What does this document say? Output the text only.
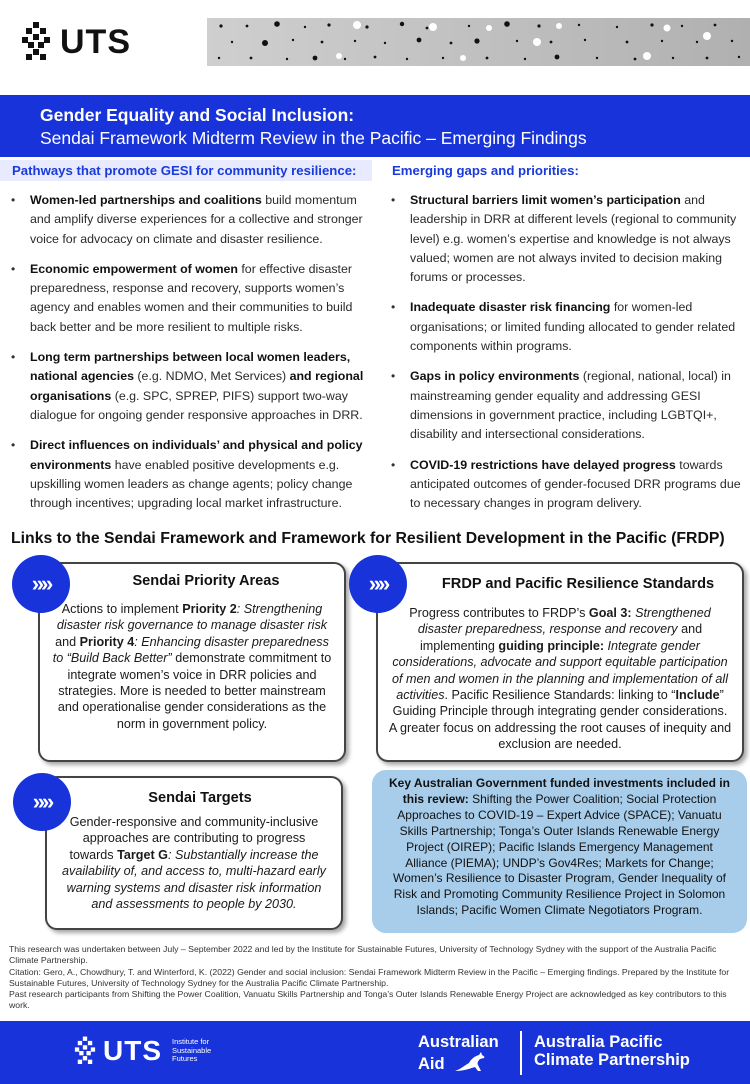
UTS
Gender Equality and Social Inclusion:
Sendai Framework Midterm Review in the Pacific – Emerging Findings
Pathways that promote GESI for community resilience:
• Women-led partnerships and coalitions build momentum and amplify diverse experiences for a collective and stronger voice for advocacy on climate and disaster resilience.
• Economic empowerment of women for effective disaster preparedness, response and recovery, supports women’s agency and enables women and their communities to build back better and be more resilient to multiple risks.
• Long term partnerships between local women leaders, national agencies (e.g. NDMO, Met Services) and regional organisations (e.g. SPC, SPREP, PIFS) support two-way dialogue for ongoing gender responsive approaches in DRR.
• Direct influences on individuals’ and physical and policy environments have enabled positive developments e.g. upskilling women leaders as change agents; policy change through incentives; upgrading local market infrastructure.
Emerging gaps and priorities:
• Structural barriers limit women’s participation and leadership in DRR at different levels (regional to community level) e.g. women’s expertise and knowledge is not always valued; women are not always invited to decision making forums or processes.
• Inadequate disaster risk financing for women-led organisations; or limited funding allocated to gender related components within programs.
• Gaps in policy environments (regional, national, local) in mainstreaming gender equality and addressing GESI dimensions in government practice, including LGBTQI+, disability and intersectional considerations.
• COVID-19 restrictions have delayed progress towards anticipated outcomes of gender-focused DRR programs due to necessary changes in program delivery.
Links to the Sendai Framework and Framework for Resilient Development in the Pacific (FRDP)
Sendai Priority Areas
Actions to implement Priority 2: Strengthening disaster risk governance to manage disaster risk and Priority 4: Enhancing disaster preparedness to “Build Back Better” demonstrate commitment to integrate women’s voice in DRR policies and strategies. More is needed to better mainstream and operationalise gender considerations as the norm in government policy.
»»	FRDP and Pacific Resilience Standards
Progress contributes to FRDP’s Goal 3: Strengthened disaster preparedness, response and recovery and implementing guiding principle: Integrate gender considerations, advocate and support equitable participation of men and women in the planning and implementation of all activities. Pacific Resilience Standards: linking to “Include” Guiding Principle through integrating gender considerations. A greater focus on addressing the root causes of inequity and exclusion are needed.
»»
Sendai Targets
Gender-responsive and community-inclusive approaches are contributing to progress towards Target G: Substantially increase the availability of, and access to, multi-hazard early warning systems and disaster risk information and assessments to people by 2030.
»»
Key Australian Government funded investments included in this review: Shifting the Power Coalition; Social Protection Approaches to COVID-19 – Expert Advice (SPACE); Vanuatu Skills Partnership; Tonga’s Outer Islands Renewable Energy Project (OIREP); Pacific Islands Emergency Management Alliance (PIEMA); UNDP’s Gov4Res; Markets for Change; Women’s Resilience to Disaster Program, Gender Inequality of Risk and Promoting Community Resilience Project in Solomon Islands; Pacific Women Climate Negotiators Program.

This research was undertaken between July – September 2022 and led by the Institute for Sustainable Futures, University of Technology Sydney with the support of the Australia Pacific Climate Partnership.

Citation: Gero, A., Chowdhury, T. and Winterford, K. (2022) Gender and social inclusion: Sendai Framework Midterm Review in the Pacific – Emerging findings. Prepared by the Institute for Sustainable Futures, University of Technology Sydney for the Australia Pacific Climate Partnership.

Past research participants from Shifting the Power Coalition, Vanuatu Skills Partnership and Tonga’s Outer Islands Renewable Energy Project are acknowledged as key contributors to this work.

UTS Institute for
Sustainable
Futures
Australian
Aid
Australia Pacific
Climate Partnership
